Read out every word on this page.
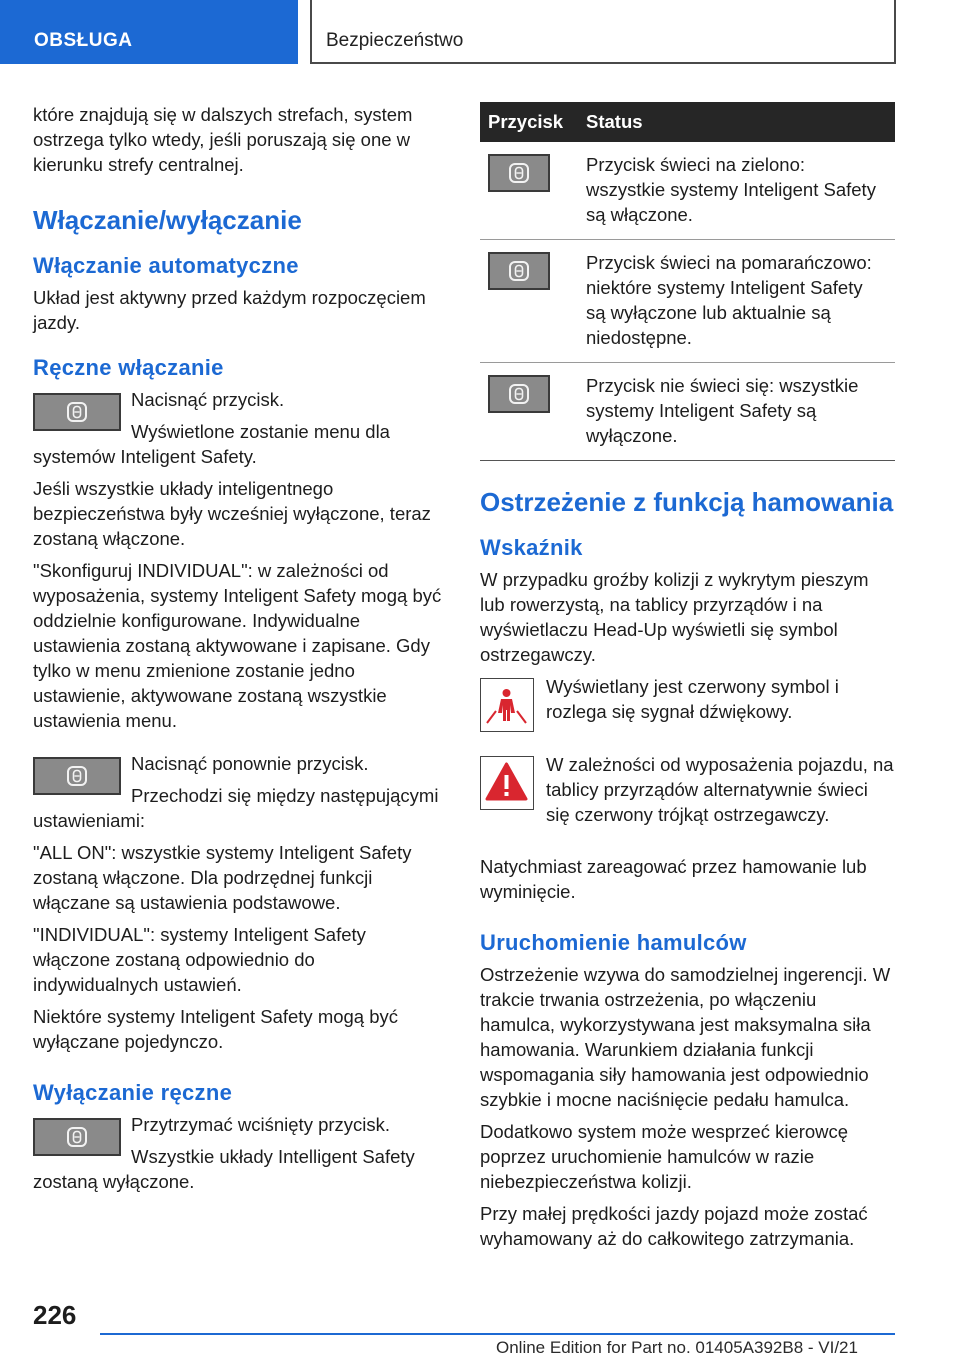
OBSŁUGA	Bezpieczeństwo

które znajdują się w dalszych strefach, system ostrzega tylko wtedy, jeśli poruszają się one w kierunku strefy centralnej.

Włączanie/wyłączanie
Włączanie automatyczne

Układ jest aktywny przed każdym rozpoczęciem jazdy.

Ręczne włączanie

Nacisnąć przycisk.

Wyświetlone zostanie menu dla systemów Inteligent Safety.

Jeśli wszystkie układy inteligentnego bezpieczeństwa były wcześniej wyłączone, teraz zostaną włączone.

"Skonfiguruj INDIVIDUAL": w zależności od wyposażenia, systemy Inteligent Safety mogą być oddzielnie konfigurowane. Indywidualne ustawienia zostaną aktywowane i zapisane. Gdy tylko w menu zmienione zostanie jedno ustawienie, aktywowane zostaną wszystkie ustawienia menu.

Nacisnąć ponownie przycisk.

Przechodzi się między następującymi ustawieniami:

"ALL ON": wszystkie systemy Inteligent Safety zostaną włączone. Dla podrzędnej funkcji włączane są ustawienia podstawowe.

"INDIVIDUAL": systemy Inteligent Safety włączone zostaną odpowiednio do indywidualnych ustawień.

Niektóre systemy Inteligent Safety mogą być wyłączane pojedynczo.

Wyłączanie ręczne

Przytrzymać wciśnięty przycisk.

Wszystkie układy Intelligent Safety zostaną wyłączone.

Przycisk	Status

	Przycisk świeci na zielono: wszystkie systemy Inteligent Safety są włączone.

	Przycisk świeci na pomarańczowo: niektóre systemy Inteligent Safety są wyłączone lub aktualnie są niedostępne.

	Przycisk nie świeci się: wszystkie systemy Inteligent Safety są wyłączone.
Ostrzeżenie z funkcją hamowania
Wskaźnik

W przypadku groźby kolizji z wykrytym pieszym lub rowerzystą, na tablicy przyrządów i na wyświetlaczu Head-Up wyświetli się symbol ostrzegawczy.

Wyświetlany jest czerwony symbol i rozlega się sygnał dźwiękowy.

W zależności od wyposażenia pojazdu, na tablicy przyrządów alternatywnie świeci się czerwony trójkąt ostrzegawczy.

Natychmiast zareagować przez hamowanie lub wyminięcie.

Uruchomienie hamulców

Ostrzeżenie wzywa do samodzielnej ingerencji. W trakcie trwania ostrzeżenia, po włączeniu hamulca, wykorzystywana jest maksymalna siła hamowania. Warunkiem działania funkcji wspomagania siły hamowania jest odpowiednio szybkie i mocne naciśnięcie pedału hamulca.

Dodatkowo system może wesprzeć kierowcę poprzez uruchomienie hamulców w razie niebezpieczeństwa kolizji.

Przy małej prędkości jazdy pojazd może zostać wyhamowany aż do całkowitego zatrzymania.

226
Online Edition for Part no. 01405A392B8 - VI/21
